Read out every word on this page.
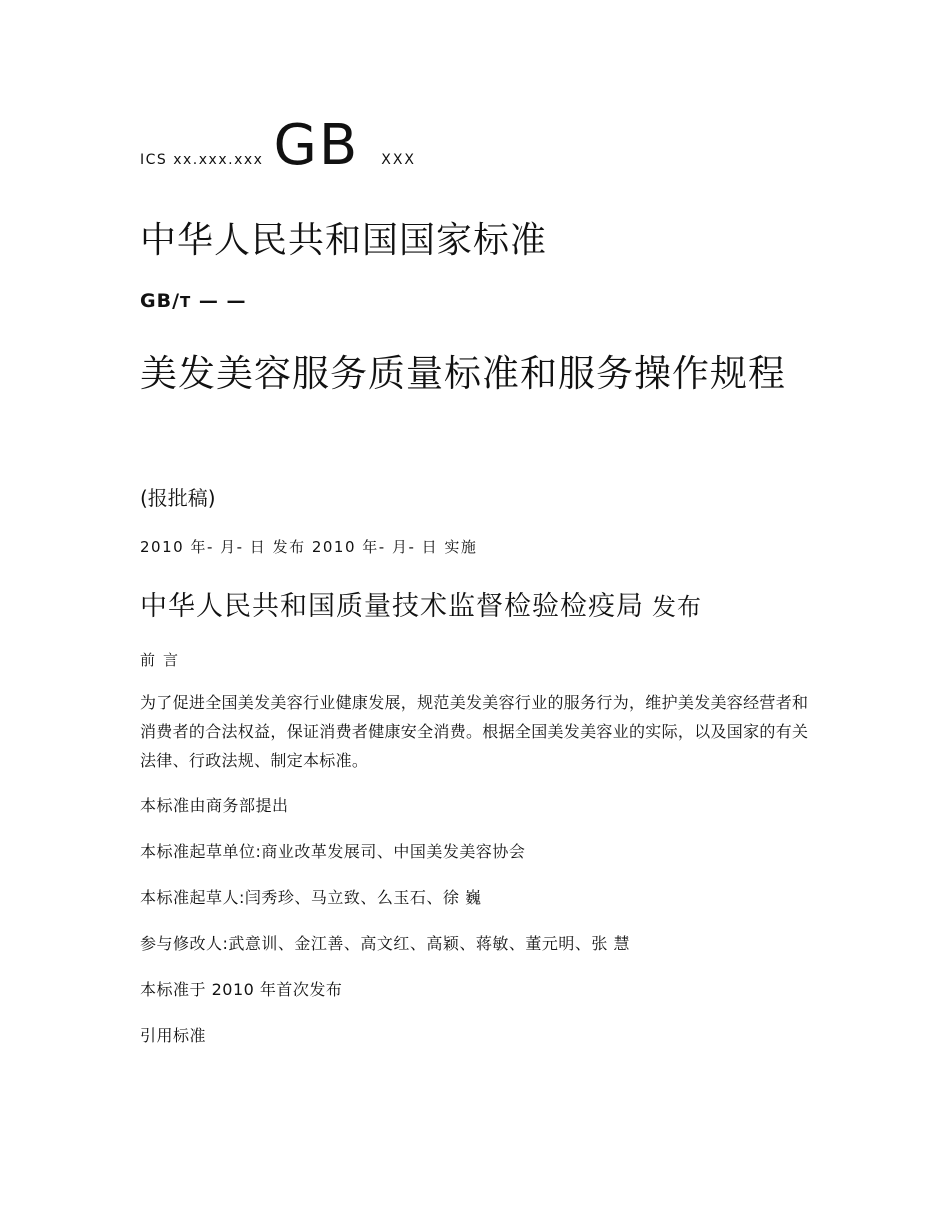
ICS xx.xxx.xxx GB XXX
中华人民共和国国家标准
GB/T — —
美发美容服务质量标准和服务操作规程
(报批稿)
2010 年- 月- 日 发布 2010 年- 月- 日 实施
中华人民共和国质量技术监督检验检疫局 发布
前言
为了促进全国美发美容行业健康发展，规范美发美容行业的服务行为，维护美发美容经营者和消费者的合法权益，保证消费者健康安全消费。根据全国美发美容业的实际，以及国家的有关法律、行政法规、制定本标准。
本标准由商务部提出
本标准起草单位:商业改革发展司、中国美发美容协会
本标准起草人:闫秀珍、马立致、么玉石、徐 巍
参与修改人:武意训、金江善、高文红、高颖、蒋敏、董元明、张 慧
本标准于 2010 年首次发布
引用标准
